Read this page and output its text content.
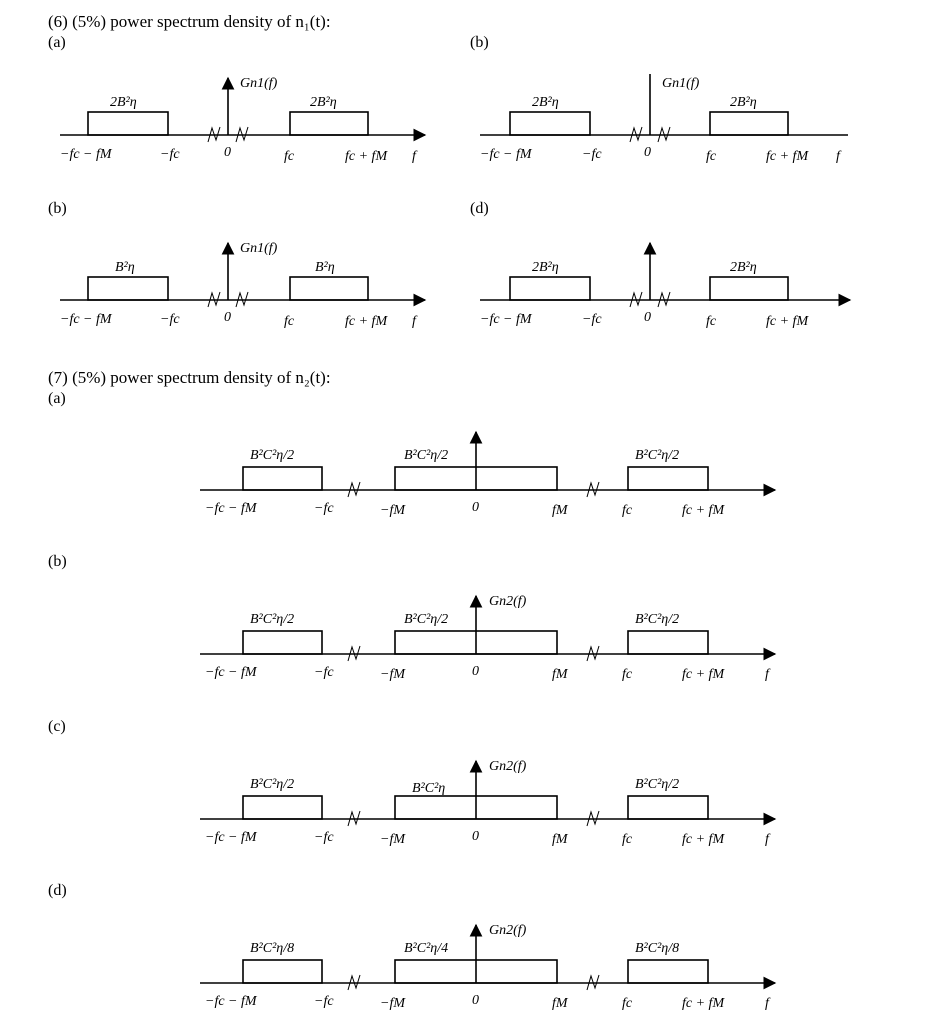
(6) (5%) power spectrum density of n₁(t):
(a)	(b)
(b)	(d)
(7) (5%) power spectrum density of n₂(t):
(a)
(b)
(c)
(d)
Gn1(f)
2B²η	2B²η
−fc − fM	−fc	0	fc	fc + fM f
Gn1(f)
2B²η	2B²η
−fc − fM	−fc	0	fc	fc + fM f
Gn1(f)
B²η	B²η
−fc − fM	−fc	0	fc	fc + fM f
2B²η	2B²η
−fc − fM	−fc	0	fc	fc + fM
B²C²η/2	B²C²η/2	B²C²η/2
−fc − fM	−fc	−fM	0	fM	fc	fc + fM
Gn2(f)
B²C²η/2	B²C²η/2	B²C²η/2
−fc − fM	−fc	−fM	0	fM	fc	fc + fM	f
Gn2(f)
B²C²η/2	B²C²η	B²C²η/2
−fc − fM	−fc	−fM	0	fM	fc	fc + fM	f
Gn2(f)
B²C²η/8	B²C²η/4	B²C²η/8
−fc − fM	−fc	−fM	0	fM	fc	fc + fM	f
